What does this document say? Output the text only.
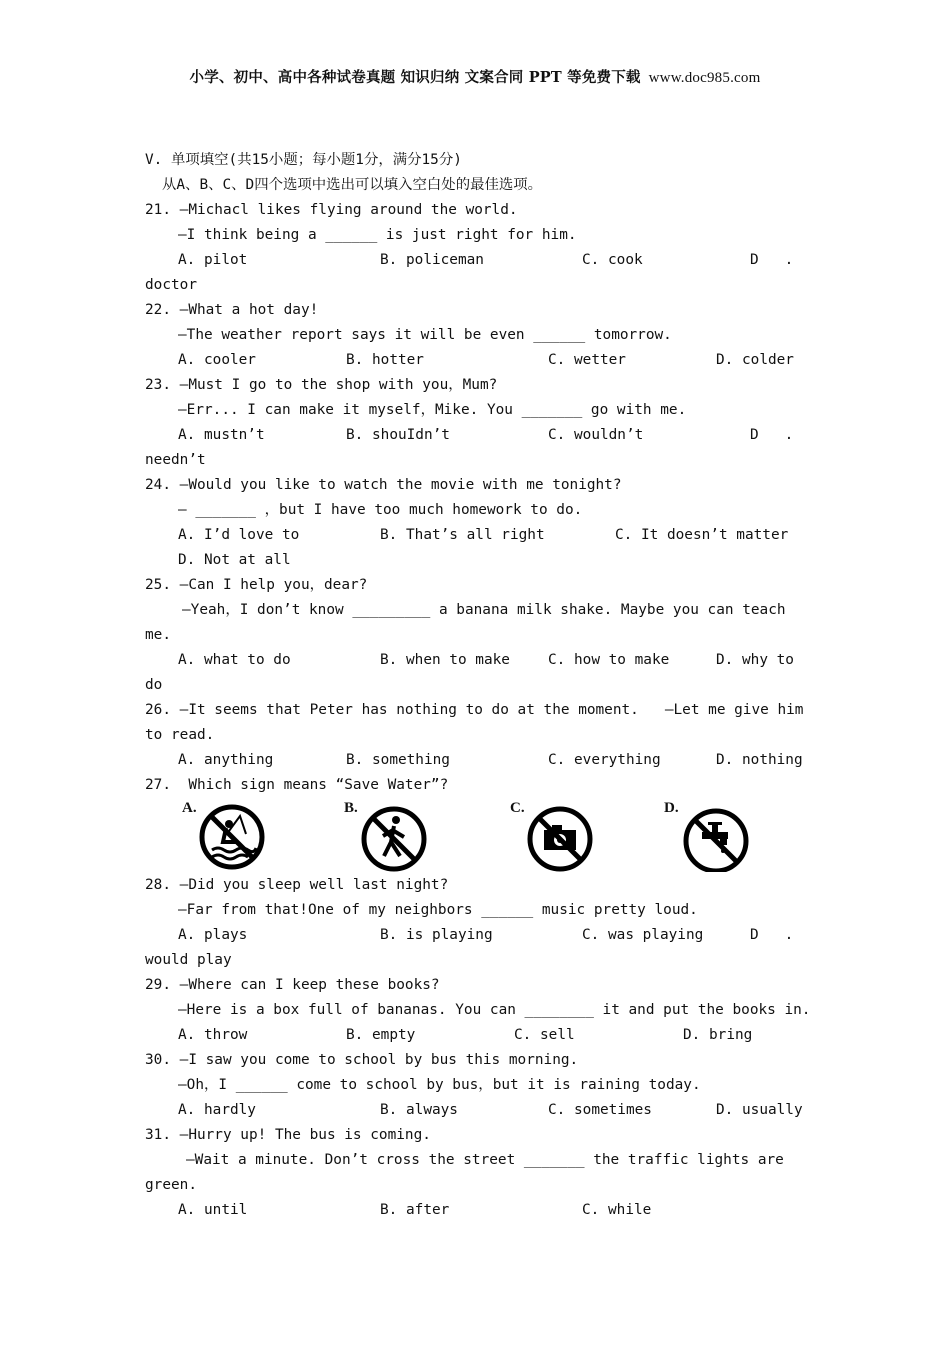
小学、初中、高中各种试卷真题 知识归纳 文案合同 PPT 等免费下载 www.doc985.com
V. 单项填空(共15小题；每小题1分，满分15分)
从A、B、C、D四个选项中选出可以填入空白处的最佳选项。
21. —Michacl likes flying around the world.
—I think being a ______ is just right for him.
A. pilot	B. policeman	C. cook	D   .
doctor
22. —What a hot day!
—The weather report says it will be even ______ tomorrow.
A. cooler	B. hotter	C. wetter	D. colder
23. —Must I go to the shop with you，Mum?
—Err... I can make it myself，Mike. You _______ go with me.
A. mustn’t	B. shouIdn’t	C. wouldn’t	D   .
needn’t
24. —Would you like to watch the movie with me tonight?
— _______ ，but I have too much homework to do.
A. I’d love to	B. That’s all right	C. It doesn’t matter
D. Not at all
25. —Can I help you，dear?
—Yeah，I don’t know _________ a banana milk shake. Maybe you can teach
me.
A. what to do	B. when to make	C. how to make	D. why to
do
26. —It seems that Peter has nothing to do at the moment.   —Let me give him
to read.
A. anything	B. something	C. everything	D. nothing
27.  Which sign means “Save Water”?
A.	B.	C.	D.
28. —Did you sleep well last night?
—Far from that!One of my neighbors ______ music pretty loud.
A. plays	B. is playing	C. was playing	D   .
would play
29. —Where can I keep these books?
—Here is a box full of bananas. You can ________ it and put the books in.
A. throw	B. empty	C. sell	D. bring
30. —I saw you come to school by bus this morning.
—Oh，I ______ come to school by bus，but it is raining today.
A. hardly	B. always	C. sometimes	D. usually
31. —Hurry up! The bus is coming.
—Wait a minute. Don’t cross the street _______ the traffic lights are
green.
A. until	B. after	C. while
